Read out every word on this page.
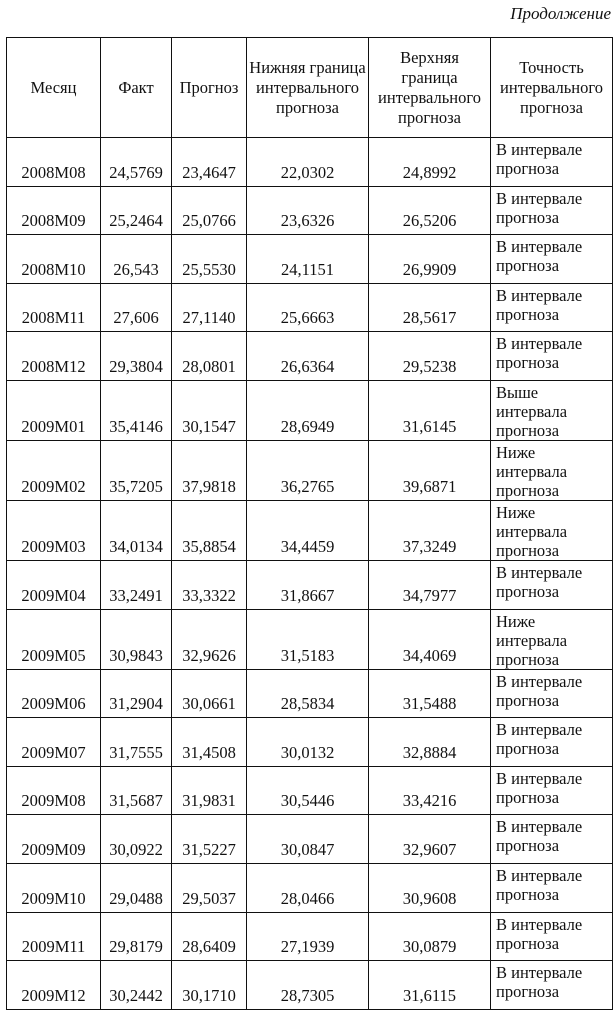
Продолжение
Месяц	Факт	Прогноз	Нижняя граница интервального прогноза	Верхняя граница интервального прогноза	Точность интервального прогноза
2008M08	24,5769	23,4647	22,0302	24,8992	В интервале прогноза
2008M09	25,2464	25,0766	23,6326	26,5206	В интервале прогноза
2008M10	26,543	25,5530	24,1151	26,9909	В интервале прогноза
2008M11	27,606	27,1140	25,6663	28,5617	В интервале прогноза
2008M12	29,3804	28,0801	26,6364	29,5238	В интервале прогноза
2009M01	35,4146	30,1547	28,6949	31,6145	Выше интервала прогноза
2009M02	35,7205	37,9818	36,2765	39,6871	Ниже интервала прогноза
2009M03	34,0134	35,8854	34,4459	37,3249	Ниже интервала прогноза
2009M04	33,2491	33,3322	31,8667	34,7977	В интервале прогноза
2009M05	30,9843	32,9626	31,5183	34,4069	Ниже интервала прогноза
2009M06	31,2904	30,0661	28,5834	31,5488	В интервале прогноза
2009M07	31,7555	31,4508	30,0132	32,8884	В интервале прогноза
2009M08	31,5687	31,9831	30,5446	33,4216	В интервале прогноза
2009M09	30,0922	31,5227	30,0847	32,9607	В интервале прогноза
2009M10	29,0488	29,5037	28,0466	30,9608	В интервале прогноза
2009M11	29,8179	28,6409	27,1939	30,0879	В интервале прогноза
2009M12	30,2442	30,1710	28,7305	31,6115	В интервале прогноза
